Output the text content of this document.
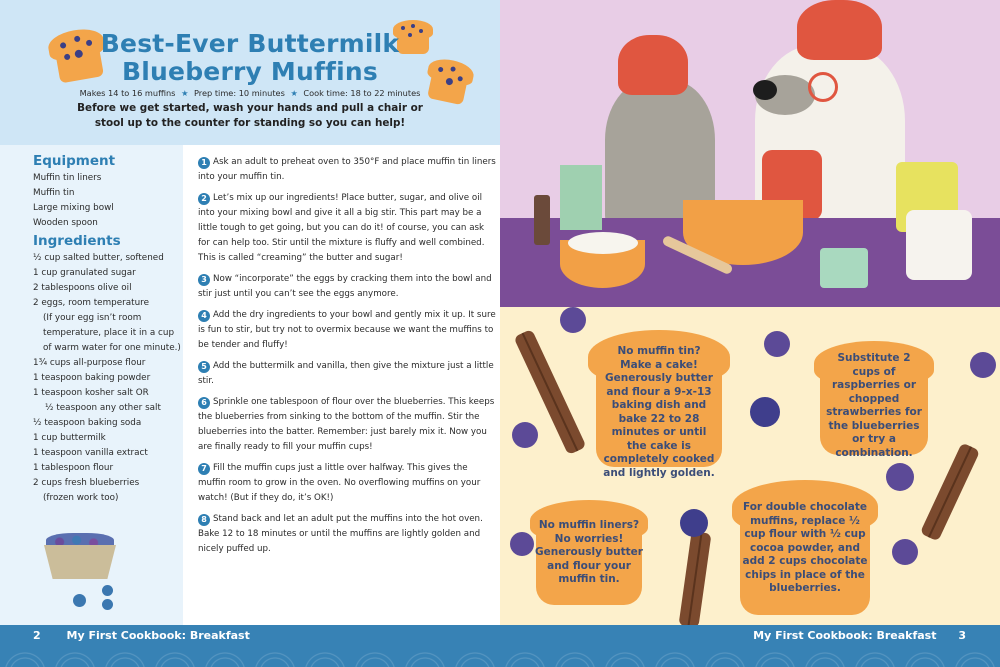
Best-Ever Buttermilk
Blueberry Muffins
Makes 14 to 16 muffins ★ Prep time: 10 minutes ★ Cook time: 18 to 22 minutes
Before we get started, wash your hands and pull a chair or stool up to the counter for standing so you can help!
Equipment
Muffin tin liners
Muffin tin
Large mixing bowl
Wooden spoon
Ingredients
½ cup salted butter, softened
1 cup granulated sugar
2 tablespoons olive oil
2 eggs, room temperature
(If your egg isn’t room
temperature, place it in a cup
of warm water for one minute.)
1¾ cups all-purpose flour
1 teaspoon baking powder
1 teaspoon kosher salt OR
½ teaspoon any other salt
½ teaspoon baking soda
1 cup buttermilk
1 teaspoon vanilla extract
1 tablespoon flour
2 cups fresh blueberries
(frozen work too)

1 Ask an adult to preheat oven to 350°F and place muffin tin liners into your muffin tin.

2 Let’s mix up our ingredients! Place butter, sugar, and olive oil into your mixing bowl and give it all a big stir. This part may be a little tough to get going, but you can do it! of course, you can ask for can help too. Stir until the mixture is fluffy and well combined. This is called “creaming” the butter and sugar!

3 Now “incorporate” the eggs by cracking them into the bowl and stir just until you can’t see the eggs anymore.

4 Add the dry ingredients to your bowl and gently mix it up. It sure is fun to stir, but try not to overmix because we want the muffins to be tender and fluffy!

5 Add the buttermilk and vanilla, then give the mixture just a little stir.

6 Sprinkle one tablespoon of flour over the blueberries. This keeps the blueberries from sinking to the bottom of the muffin. Stir the blueberries into the batter. Remember: just barely mix it. Now you are finally ready to fill your muffin cups!

7 Fill the muffin cups just a little over halfway. This gives the muffin room to grow in the oven. No overflowing muffins on your watch! (But if they do, it’s OK!)

8 Stand back and let an adult put the muffins into the hot oven. Bake 12 to 18 minutes or until the muffins are lightly golden and nicely puffed up.

No muffin tin? Make a cake! Generously butter and flour a 9-x-13 baking dish and bake 22 to 28 minutes or until the cake is completely cooked and lightly golden.
Substitute 2 cups of raspberries or chopped strawberries for the blueberries or try a combination.
No muffin liners? No worries! Generously butter and flour your muffin tin.
For double chocolate muffins, replace ½ cup flour with ½ cup cocoa powder, and add 2 cups chocolate chips in place of the blueberries.
2 My First Cookbook: Breakfast	My First Cookbook: Breakfast 3
